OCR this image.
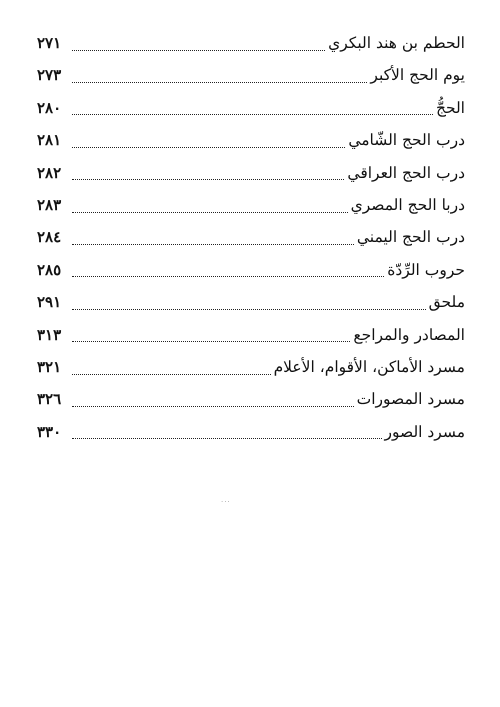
الحطم بن هند البكري
٢٧١
يوم الحج الأكبر
٢٧٣
الحجُّ
٢٨٠
درب الحج الشّامي
٢٨١
درب الحج العراقي
٢٨٢
دربا الحج المصري
٢٨٣
درب الحج اليمني
٢٨٤
حروب الرِّدّة
٢٨٥
ملحق
٢٩١
المصادر والمراجع
٣١٣
مسرد الأماكن، الأقوام، الأعلام
٣٢١
مسرد المصورات
٣٢٦
مسرد الصور
٣٣٠
...
